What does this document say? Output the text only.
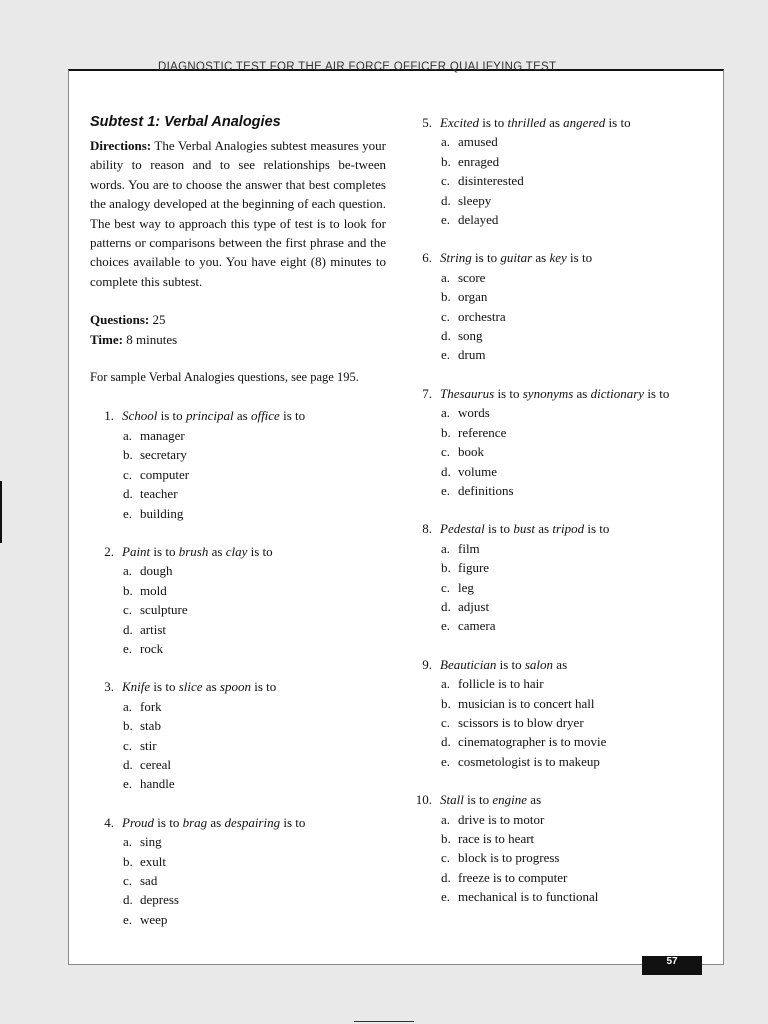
DIAGNOSTIC TEST FOR THE AIR FORCE OFFICER QUALIFYING TEST
Subtest 1: Verbal Analogies

Directions: The Verbal Analogies subtest measures your ability to reason and to see relationships be-tween words. You are to choose the answer that best completes the analogy developed at the beginning of each question. The best way to approach this type of test is to look for patterns or comparisons between the first phrase and the choices available to you. You have eight (8) minutes to complete this subtest.

Questions: 25
Time: 8 minutes
For sample Verbal Analogies questions, see page 195.
1. School is to principal as office is to
a. manager
b. secretary
c. computer
d. teacher
e. building
2. Paint is to brush as clay is to
a. dough
b. mold
c. sculpture
d. artist
e. rock
3. Knife is to slice as spoon is to
a. fork
b. stab
c. stir
d. cereal
e. handle
4. Proud is to brag as despairing is to
a. sing
b. exult
c. sad
d. depress
e. weep
5. Excited is to thrilled as angered is to
a. amused
b. enraged
c. disinterested
d. sleepy
e. delayed
6. String is to guitar as key is to
a. score
b. organ
c. orchestra
d. song
e. drum
7. Thesaurus is to synonyms as dictionary is to
a. words
b. reference
c. book
d. volume
e. definitions
8. Pedestal is to bust as tripod is to
a. film
b. figure
c. leg
d. adjust
e. camera
9. Beautician is to salon as
a. follicle is to hair
b. musician is to concert hall
c. scissors is to blow dryer
d. cinematographer is to movie
e. cosmetologist is to makeup
10. Stall is to engine as
a. drive is to motor
b. race is to heart
c. block is to progress
d. freeze is to computer
e. mechanical is to functional
57
